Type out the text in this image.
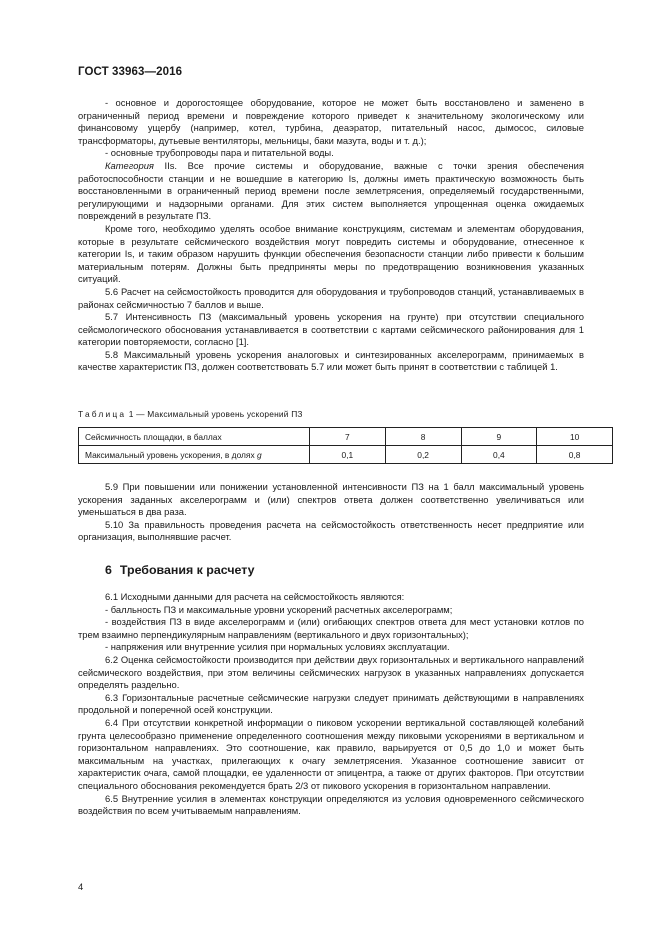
ГОСТ 33963—2016

- основное и дорогостоящее оборудование, которое не может быть восстановлено и заменено в ограниченный период времени и повреждение которого приведет к значительному экологическому или финансовому ущербу (например, котел, турбина, деаэратор, питательный насос, дымосос, силовые трансформаторы, дутьевые вентиляторы, мельницы, баки мазута, воды и т. д.);

- основные трубопроводы пара и питательной воды.

Категория IIs. Все прочие системы и оборудование, важные с точки зрения обеспечения работоспособности станции и не вошедшие в категорию Is, должны иметь практическую возможность быть восстановленными в ограниченный период времени после землетрясения, определяемый государственными, регулирующими и надзорными органами. Для этих систем выполняется упрощенная оценка ожидаемых повреждений в результате ПЗ.

Кроме того, необходимо уделять особое внимание конструкциям, системам и элементам оборудования, которые в результате сейсмического воздействия могут повредить системы и оборудование, отнесенное к категории Is, и таким образом нарушить функции обеспечения безопасности станции либо привести к большим материальным потерям. Должны быть предприняты меры по предотвращению возникновения указанных ситуаций.

5.6 Расчет на сейсмостойкость проводится для оборудования и трубопроводов станций, устанавливаемых в районах сейсмичностью 7 баллов и выше.

5.7 Интенсивность ПЗ (максимальный уровень ускорения на грунте) при отсутствии специального сейсмологического обоснования устанавливается в соответствии с картами сейсмического районирования для 1 категории повторяемости, согласно [1].

5.8 Максимальный уровень ускорения аналоговых и синтезированных акселерограмм, принимаемых в качестве характеристик ПЗ, должен соответствовать 5.7 или может быть принят в соответствии с таблицей 1.

Таблица 1 — Максимальный уровень ускорений ПЗ
Сейсмичность площадки, в баллах	7	8	9	10
Максимальный уровень ускорения, в долях g	0,1	0,2	0,4	0,8

5.9 При повышении или понижении установленной интенсивности ПЗ на 1 балл максимальный уровень ускорения заданных акселерограмм и (или) спектров ответа должен соответственно увеличиваться или уменьшаться в два раза.

5.10 За правильность проведения расчета на сейсмостойкость ответственность несет предприятие или организация, выполнявшие расчет.

6 Требования к расчету

6.1 Исходными данными для расчета на сейсмостойкость являются:

- балльность ПЗ и максимальные уровни ускорений расчетных акселерограмм;

- воздействия ПЗ в виде акселерограмм и (или) огибающих спектров ответа для мест установки котлов по трем взаимно перпендикулярным направлениям (вертикального и двух горизонтальных);

- напряжения или внутренние усилия при нормальных условиях эксплуатации.

6.2 Оценка сейсмостойкости производится при действии двух горизонтальных и вертикального направлений сейсмического воздействия, при этом величины сейсмических нагрузок в указанных направлениях допускается определять раздельно.

6.3 Горизонтальные расчетные сейсмические нагрузки следует принимать действующими в направлениях продольной и поперечной осей конструкции.

6.4 При отсутствии конкретной информации о пиковом ускорении вертикальной составляющей колебаний грунта целесообразно применение определенного соотношения между пиковыми ускорениями в вертикальном и горизонтальном направлениях. Это соотношение, как правило, варьируется от 0,5 до 1,0 и может быть максимальным на участках, прилегающих к очагу землетрясения. Указанное соотношение зависит от характеристик очага, самой площадки, ее удаленности от эпицентра, а также от других факторов. При отсутствии специального обоснования рекомендуется брать 2/3 от пикового ускорения в горизонтальном направлении.

6.5 Внутренние усилия в элементах конструкции определяются из условия одновременного сейсмического воздействия по всем учитываемым направлениям.

4
